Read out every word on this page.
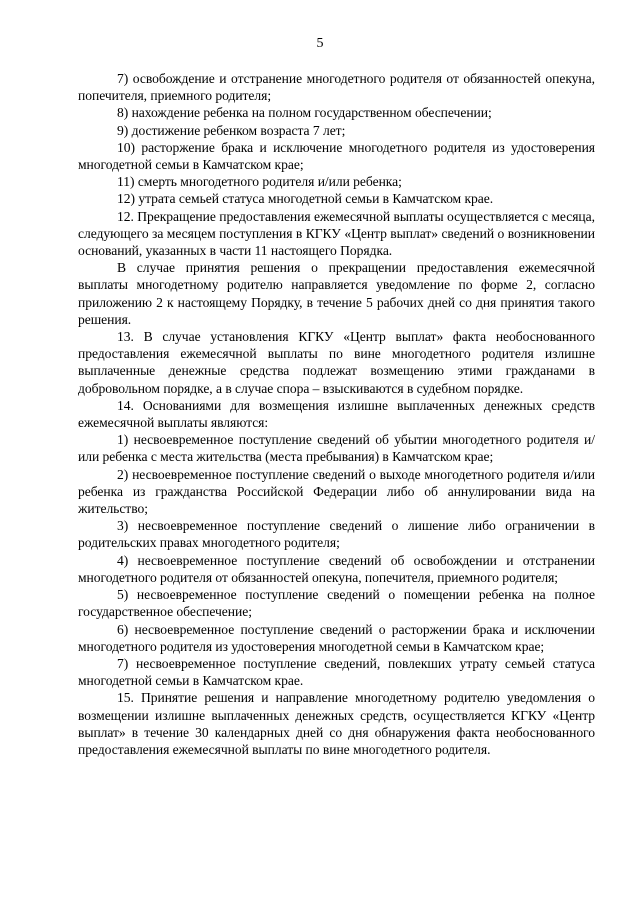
5

7) освобождение и отстранение многодетного родителя от обязанностей опекуна, попечителя, приемного родителя;

8) нахождение ребенка на полном государственном обеспечении;

9) достижение ребенком возраста 7 лет;

10) расторжение брака и исключение многодетного родителя из удостоверения многодетной семьи в Камчатском крае;

11) смерть многодетного родителя и/или ребенка;

12) утрата семьей статуса многодетной семьи в Камчатском крае.

12. Прекращение предоставления ежемесячной выплаты осуществляется с месяца, следующего за месяцем поступления в КГКУ «Центр выплат» сведений о возникновении оснований, указанных в части 11 настоящего Порядка.

В случае принятия решения о прекращении предоставления ежемесячной выплаты многодетному родителю направляется уведомление по форме 2, согласно приложению 2 к настоящему Порядку, в течение 5 рабочих дней со дня принятия такого решения.

13. В случае установления КГКУ «Центр выплат» факта необоснованного предоставления ежемесячной выплаты по вине многодетного родителя излишне выплаченные денежные средства подлежат возмещению этими гражданами в добровольном порядке, а в случае спора – взыскиваются в судебном порядке.

14. Основаниями для возмещения излишне выплаченных денежных средств ежемесячной выплаты являются:

1) несвоевременное поступление сведений об убытии многодетного родителя и/или ребенка с места жительства (места пребывания) в Камчатском крае;

2) несвоевременное поступление сведений о выходе многодетного родителя и/или ребенка из гражданства Российской Федерации либо об аннулировании вида на жительство;

3) несвоевременное поступление сведений о лишение либо ограничении в родительских правах многодетного родителя;

4) несвоевременное поступление сведений об освобождении и отстранении многодетного родителя от обязанностей опекуна, попечителя, приемного родителя;

5) несвоевременное поступление сведений о помещении ребенка на полное государственное обеспечение;

6) несвоевременное поступление сведений о расторжении брака и исключении многодетного родителя из удостоверения многодетной семьи в Камчатском крае;

7) несвоевременное поступление сведений, повлекших утрату семьей статуса многодетной семьи в Камчатском крае.

15. Принятие решения и направление многодетному родителю уведомления о возмещении излишне выплаченных денежных средств, осуществляется КГКУ «Центр выплат» в течение 30 календарных дней со дня обнаружения факта необоснованного предоставления ежемесячной выплаты по вине многодетного родителя.
